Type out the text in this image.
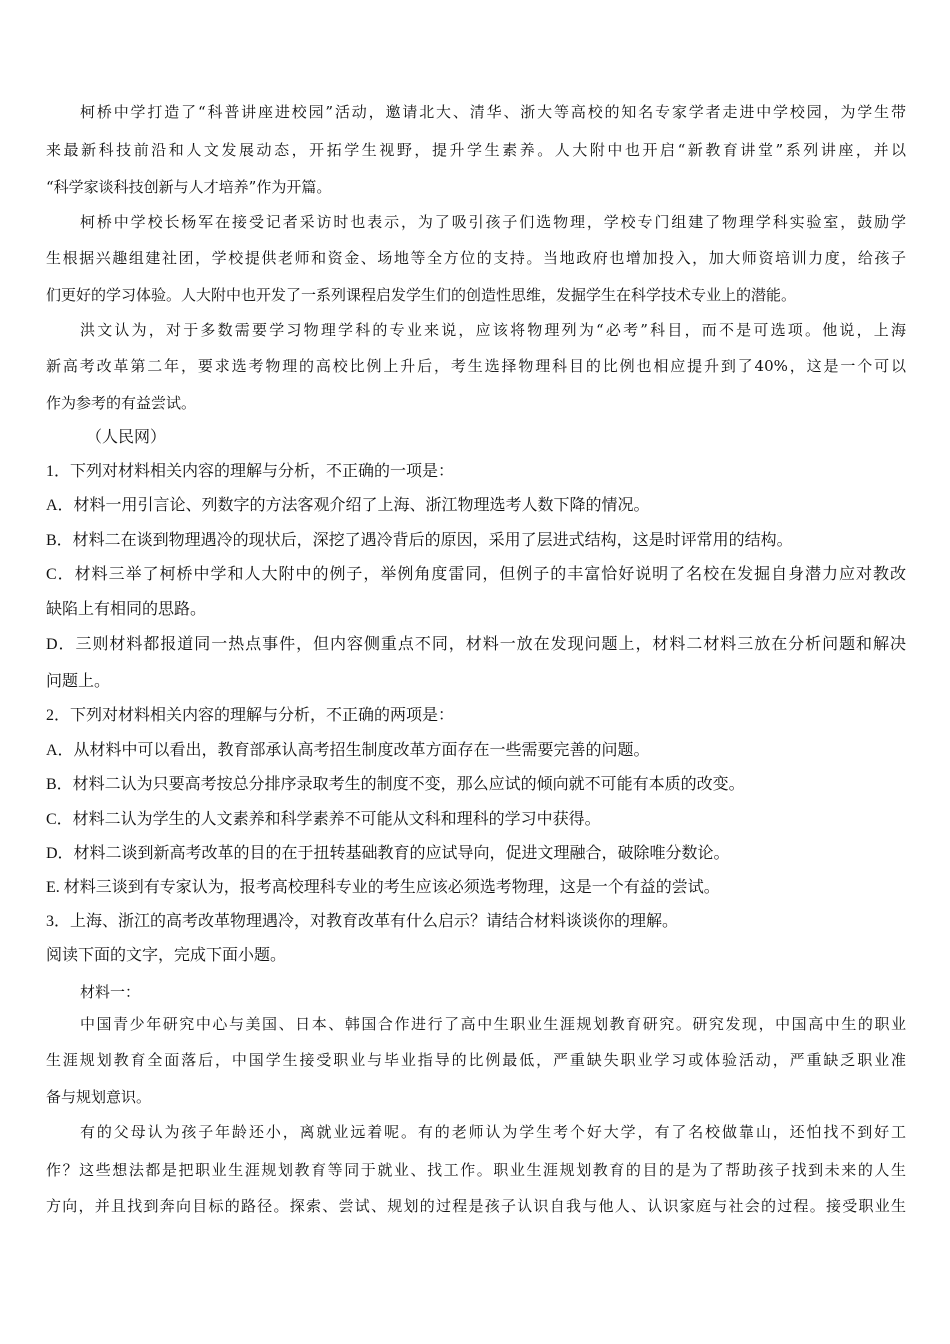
柯桥中学打造了“科普讲座进校园”活动，邀请北大、清华、浙大等高校的知名专家学者走进中学校园，为学生带
来最新科技前沿和人文发展动态，开拓学生视野，提升学生素养。人大附中也开启“新教育讲堂”系列讲座，并以
“科学家谈科技创新与人才培养”作为开篇。
柯桥中学校长杨军在接受记者采访时也表示，为了吸引孩子们选物理，学校专门组建了物理学科实验室，鼓励学
生根据兴趣组建社团，学校提供老师和资金、场地等全方位的支持。当地政府也增加投入，加大师资培训力度，给孩子
们更好的学习体验。人大附中也开发了一系列课程启发学生们的创造性思维，发掘学生在科学技术专业上的潜能。
洪文认为，对于多数需要学习物理学科的专业来说，应该将物理列为“必考”科目，而不是可选项。他说，上海
新高考改革第二年，要求选考物理的高校比例上升后，考生选择物理科目的比例也相应提升到了40%，这是一个可以
作为参考的有益尝试。
（人民网）
1．下列对材料相关内容的理解与分析，不正确的一项是：
A．材料一用引言论、列数字的方法客观介绍了上海、浙江物理选考人数下降的情况。
B．材料二在谈到物理遇冷的现状后，深挖了遇冷背后的原因，采用了层进式结构，这是时评常用的结构。
C．材料三举了柯桥中学和人大附中的例子，举例角度雷同，但例子的丰富恰好说明了名校在发掘自身潜力应对教改
缺陷上有相同的思路。
D．三则材料都报道同一热点事件，但内容侧重点不同，材料一放在发现问题上，材料二材料三放在分析问题和解决
问题上。
2．下列对材料相关内容的理解与分析，不正确的两项是：
A．从材料中可以看出，教育部承认高考招生制度改革方面存在一些需要完善的问题。
B．材料二认为只要高考按总分排序录取考生的制度不变，那么应试的倾向就不可能有本质的改变。
C．材料二认为学生的人文素养和科学素养不可能从文科和理科的学习中获得。
D．材料二谈到新高考改革的目的在于扭转基础教育的应试导向，促进文理融合，破除唯分数论。
E. 材料三谈到有专家认为，报考高校理科专业的考生应该必须选考物理，这是一个有益的尝试。
3．上海、浙江的高考改革物理遇冷，对教育改革有什么启示？请结合材料谈谈你的理解。
阅读下面的文字，完成下面小题。
材料一：
中国青少年研究中心与美国、日本、韩国合作进行了高中生职业生涯规划教育研究。研究发现，中国高中生的职业
生涯规划教育全面落后，中国学生接受职业与毕业指导的比例最低，严重缺失职业学习或体验活动，严重缺乏职业准
备与规划意识。
有的父母认为孩子年龄还小，离就业远着呢。有的老师认为学生考个好大学，有了名校做靠山，还怕找不到好工
作？这些想法都是把职业生涯规划教育等同于就业、找工作。职业生涯规划教育的目的是为了帮助孩子找到未来的人生
方向，并且找到奔向目标的路径。探索、尝试、规划的过程是孩子认识自我与他人、认识家庭与社会的过程。接受职业生
